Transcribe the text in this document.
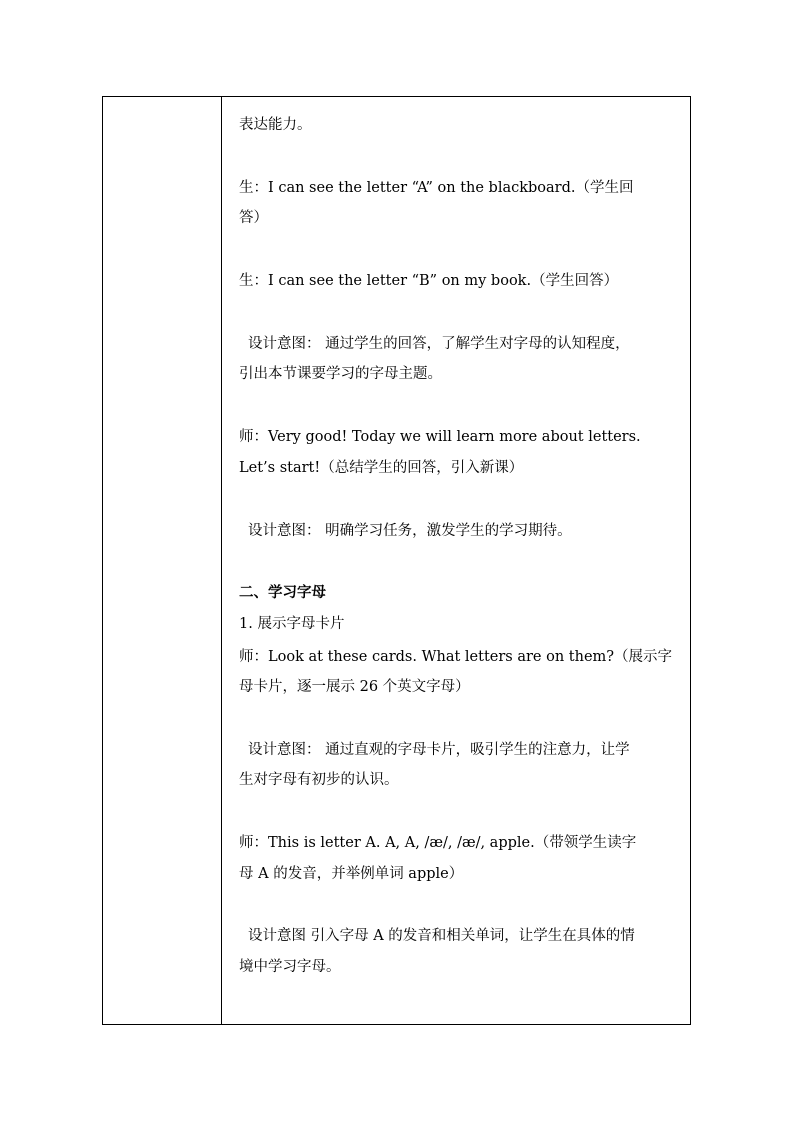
表达能力。
生：I can see the letter “A” on the blackboard.（学生回
答）
生：I can see the letter “B” on my book.（学生回答）
设计意图： 通过学生的回答，了解学生对字母的认知程度，
引出本节课要学习的字母主题。
师：Very good! Today we will learn more about letters.
Let’s start!（总结学生的回答，引入新课）
设计意图： 明确学习任务，激发学生的学习期待。
二、学习字母
1. 展示字母卡片
师：Look at these cards. What letters are on them?（展示字
母卡片，逐一展示 26 个英文字母）
设计意图： 通过直观的字母卡片，吸引学生的注意力，让学
生对字母有初步的认识。
师：This is letter A. A, A, /æ/, /æ/, apple.（带领学生读字
母 A 的发音，并举例单词 apple）
设计意图 引入字母 A 的发音和相关单词，让学生在具体的情
境中学习字母。
